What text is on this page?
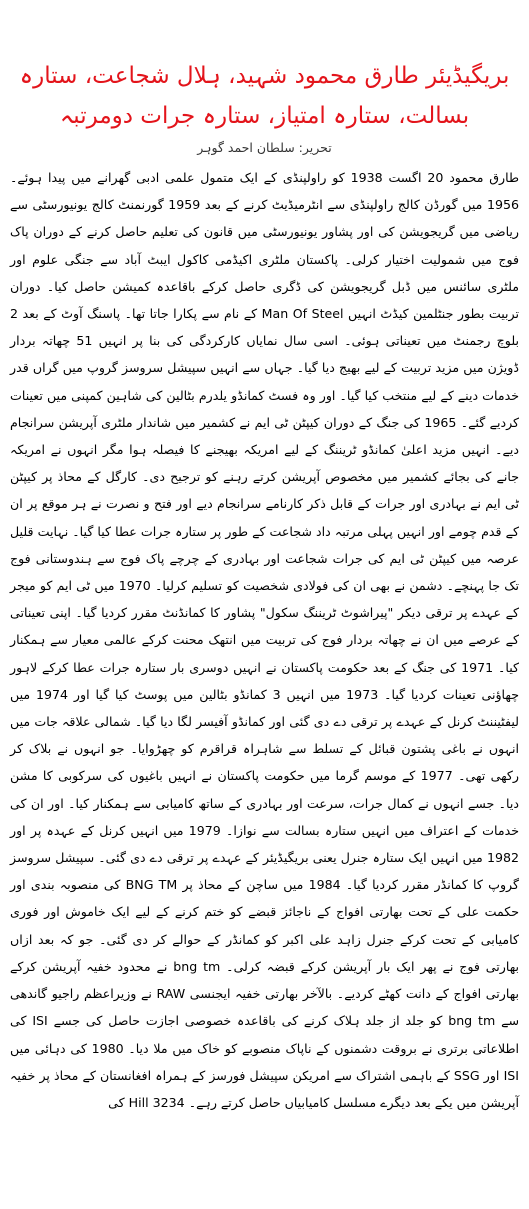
بریگیڈیئر طارق محمود شہید، ہلال شجاعت، ستارہ بسالت، ستارہ امتیاز، ستارہ جرات دومرتبہ
تحریر: سلطان احمد گوہر

طارق محمود 20 اگست 1938 کو راولپنڈی کے ایک متمول علمی ادبی گھرانے میں پیدا ہوئے۔ 1956 میں گورڈن کالج راولپنڈی سے انٹرمیڈیٹ کرنے کے بعد 1959 گورنمنٹ کالج یونیورسٹی سے ریاضی میں گریجویشن کی اور پشاور یونیورسٹی میں قانون کی تعلیم حاصل کرنے کے دوران پاک فوج میں شمولیت اختیار کرلی۔ پاکستان ملٹری اکیڈمی کاکول ایبٹ آباد سے جنگی علوم اور ملٹری سائنس میں ڈبل گریجویشن کی ڈگری حاصل کرکے باقاعدہ کمیشن حاصل کیا۔ دوران تربیت بطور جنٹلمین کیڈٹ انہیں Man Of Steel کے نام سے پکارا جاتا تھا۔ پاسنگ آوٹ کے بعد 2 بلوچ رجمنٹ میں تعیناتی ہوئی۔ اسی سال نمایاں کارکردگی کی بنا پر انہیں 51 چھاتہ بردار ڈویژن میں مزید تربیت کے لیے بھیج دیا گیا۔ جہاں سے انہیں سپیشل سروسز گروپ میں گراں قدر خدمات دینے کے لیے منتخب کیا گیا۔ اور وہ فسٹ کمانڈو یلدرم بٹالین کی شاہین کمپنی میں تعینات کردیے گئے۔ 1965 کی جنگ کے دوران کیپٹن ٹی ایم نے کشمیر میں شاندار ملٹری آپریشن سرانجام دیے۔ انہیں مزید اعلیٰ کمانڈو ٹریننگ کے لیے امریکہ بھیجنے کا فیصلہ ہوا مگر انہوں نے امریکہ جانے کی بجائے کشمیر میں مخصوص آپریشن کرتے رہنے کو ترجیح دی۔ کارگل کے محاذ پر کیپٹن ٹی ایم نے بہادری اور جرات کے قابل ذکر کارنامے سرانجام دیے اور فتح و نصرت نے ہر موقع پر ان کے قدم چومے اور انہیں پہلی مرتبہ داد شجاعت کے طور پر ستارہ جرات عطا کیا گیا۔ نہایت قلیل عرصہ میں کیپٹن ٹی ایم کی جرات شجاعت اور بہادری کے چرچے پاک فوج سے ہندوستانی فوج تک جا پہنچے۔ دشمن نے بھی ان کی فولادی شخصیت کو تسلیم کرلیا۔ 1970 میں ٹی ایم کو میجر کے عہدے پر ترقی دیکر "پیراشوٹ ٹریننگ سکول" پشاور کا کمانڈنٹ مقرر کردیا گیا۔ اپنی تعیناتی کے عرصے میں ان نے چھاتہ بردار فوج کی تربیت میں انتھک محنت کرکے عالمی معیار سے ہمکنار کیا۔ 1971 کی جنگ کے بعد حکومت پاکستان نے انہیں دوسری بار ستارہ جرات عطا کرکے لاہور چھاؤنی تعینات کردیا گیا۔ 1973 میں انہیں 3 کمانڈو بٹالین میں پوسٹ کیا گیا اور 1974 میں لیفٹیننٹ کرنل کے عہدے پر ترقی دے دی گئی اور کمانڈو آفیسر لگا دیا گیا۔ شمالی علاقہ جات میں انہوں نے باغی پشتون قبائل کے تسلط سے شاہراہ قراقرم کو چھڑوایا۔ جو انہوں نے بلاک کر رکھی تھی۔ 1977 کے موسم گرما میں حکومت پاکستان نے انہیں باغیوں کی سرکوبی کا مشن دیا۔ جسے انہوں نے کمال جرات، سرعت اور بہادری کے ساتھ کامیابی سے ہمکنار کیا۔ اور ان کی خدمات کے اعتراف میں انہیں ستارہ بسالت سے نوازا۔ 1979 میں انہیں کرنل کے عہدہ پر اور 1982 میں انہیں ایک ستارہ جنرل یعنی بریگیڈیئر کے عہدے پر ترقی دے دی گئی۔ سپیشل سروسز گروپ کا کمانڈر مقرر کردیا گیا۔ 1984 میں ساچن کے محاذ پر BNG TM کی منصوبہ بندی اور حکمت علی کے تحت بھارتی افواج کے ناجائز قبضے کو ختم کرنے کے لیے ایک خاموش اور فوری کامیابی کے تحت کرکے جنرل زاہد علی اکبر کو کمانڈر کے حوالے کر دی گئی۔ جو کہ بعد ازاں بھارتی فوج نے پھر ایک بار آپریشن کرکے قبضہ کرلی۔ bng tm نے محدود خفیہ آپریشن کرکے بھارتی افواج کے دانت کھٹے کردیے۔ بالآخر بھارتی خفیہ ایجنسی RAW نے وزیراعظم راجیو گاندھی سے bng tm کو جلد از جلد ہلاک کرنے کی باقاعدہ خصوصی اجازت حاصل کی جسے ISI کی اطلاعاتی برتری نے بروقت دشمنوں کے ناپاک منصوبے کو خاک میں ملا دیا۔ 1980 کی دہائی میں ISI اور SSG کے باہمی اشتراک سے امریکن سپیشل فورسز کے ہمراہ افغانستان کے محاذ پر خفیہ آپریشن میں یکے بعد دیگرے مسلسل کامیابیاں حاصل کرتے رہے۔ Hill 3234 کی
